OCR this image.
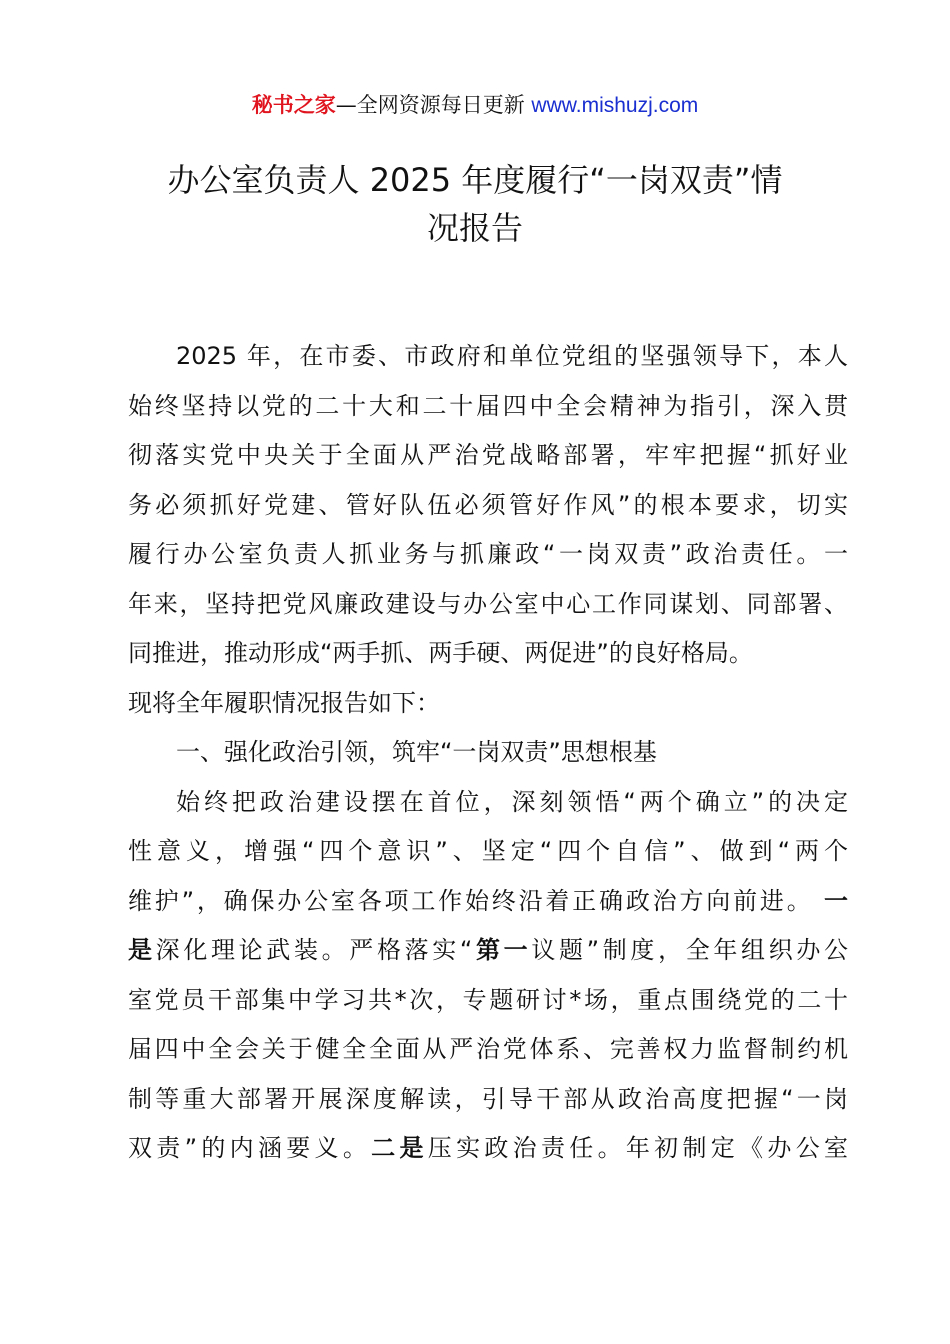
秘书之家—全网资源每日更新 www.mishuzj.com
办公室负责人 2025 年度履行“一岗双责”情
况报告
2025 年，在市委、市政府和单位党组的坚强领导下，本人
始终坚持以党的二十大和二十届四中全会精神为指引，深入贯
彻落实党中央关于全面从严治党战略部署，牢牢把握“抓好业
务必须抓好党建、管好队伍必须管好作风”的根本要求，切实
履行办公室负责人抓业务与抓廉政“一岗双责”政治责任。一
年来，坚持把党风廉政建设与办公室中心工作同谋划、同部署、
同推进，推动形成“两手抓、两手硬、两促进”的良好格局。
现将全年履职情况报告如下：
一、强化政治引领，筑牢“一岗双责”思想根基
始终把政治建设摆在首位，深刻领悟“两个确立”的决定
性意义，增强“四个意识”、坚定“四个自信”、做到“两个
维护”，确保办公室各项工作始终沿着正确政治方向前进。 一
是深化理论武装。严格落实“第一议题”制度，全年组织办公
室党员干部集中学习共*次，专题研讨*场，重点围绕党的二十
届四中全会关于健全全面从严治党体系、完善权力监督制约机
制等重大部署开展深度解读，引导干部从政治高度把握“一岗
双责”的内涵要义。二是压实政治责任。年初制定《办公室
